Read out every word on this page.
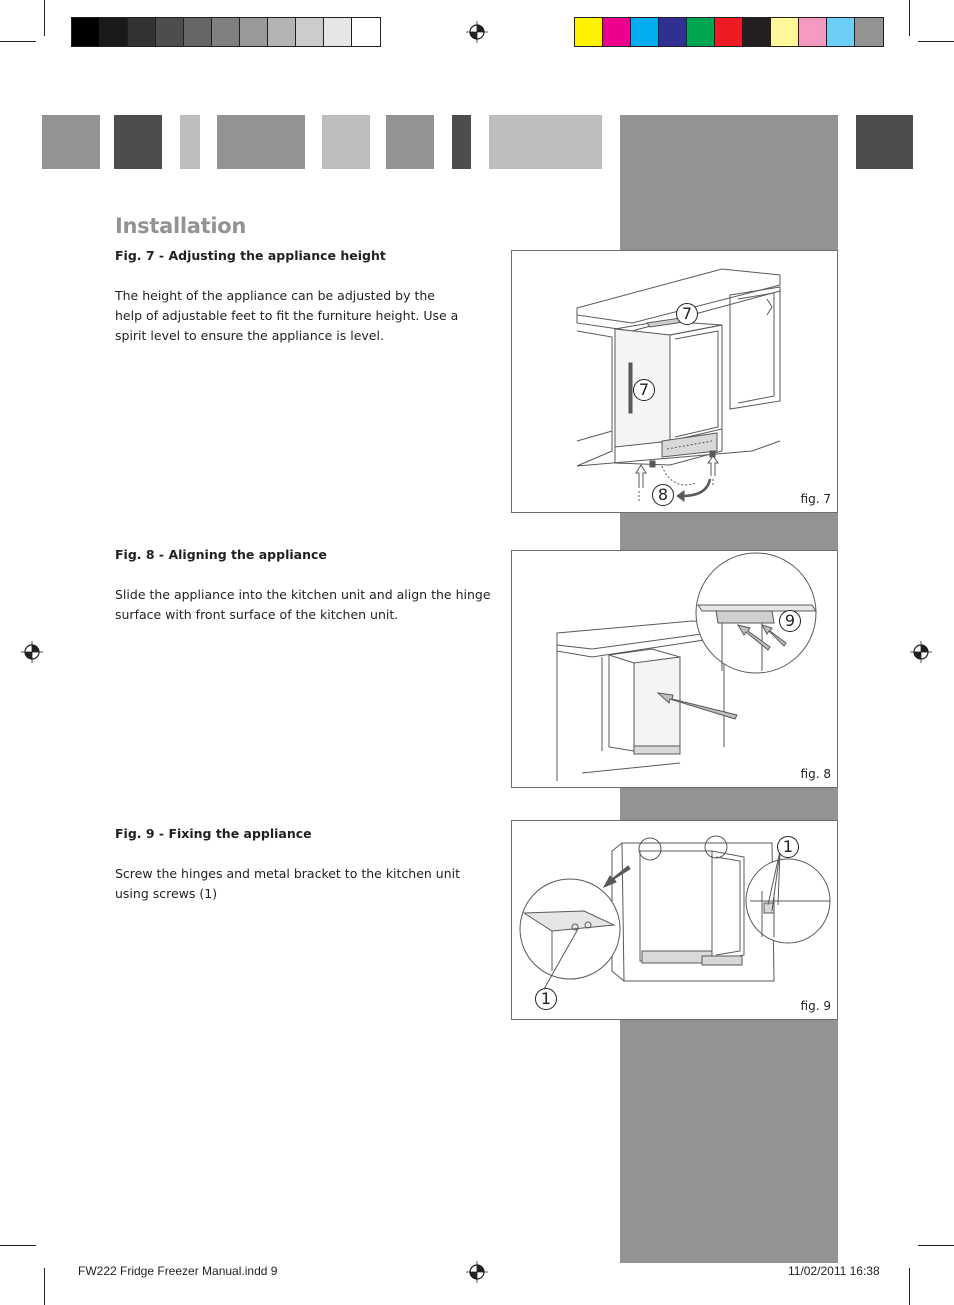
Installation
Fig. 7 - Adjusting the appliance height
The height of the appliance can be adjusted by the help of adjustable feet to fit the furniture height. Use a spirit level to ensure the appliance is level.
Fig. 8 - Aligning the appliance
Slide the appliance into the kitchen unit and align the hinge surface with front surface of the kitchen unit.
Fig. 9 - Fixing the appliance
Screw the hinges and metal bracket to the kitchen unit using screws (1)
7
7
8	fig. 7
9
fig. 8
1
1	fig. 9
FW222 Fridge Freezer Manual.indd 9	11/02/2011 16:38
